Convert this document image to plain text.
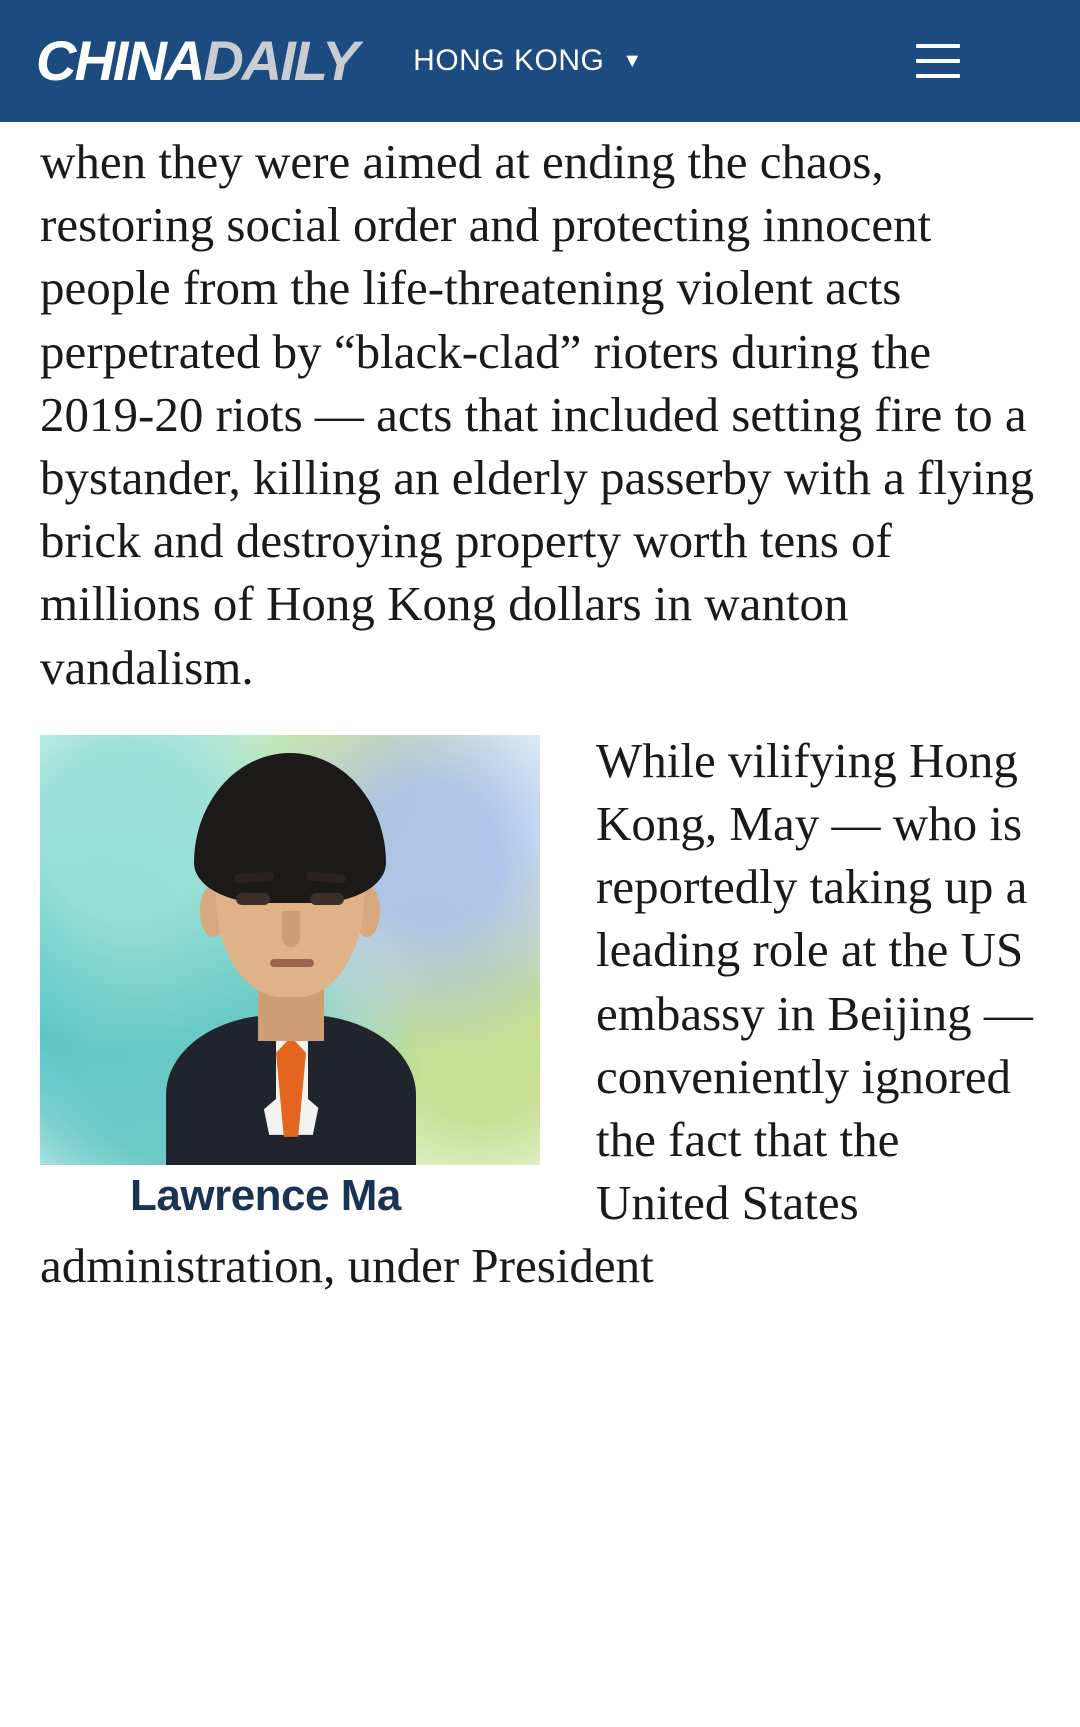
CHINA DAILY HONG KONG ▼

when they were aimed at ending the chaos, restoring social order and protecting innocent people from the life-threatening violent acts perpetrated by “black-clad” rioters during the 2019-20 riots — acts that included setting fire to a bystander, killing an elderly passerby with a flying brick and destroying property worth tens of millions of Hong Kong dollars in wanton vandalism.

Lawrence Ma
While vilifying Hong Kong, May — who is reportedly taking up a leading role at the US embassy in Beijing — conveniently ignored the fact that the United States administration, under President
